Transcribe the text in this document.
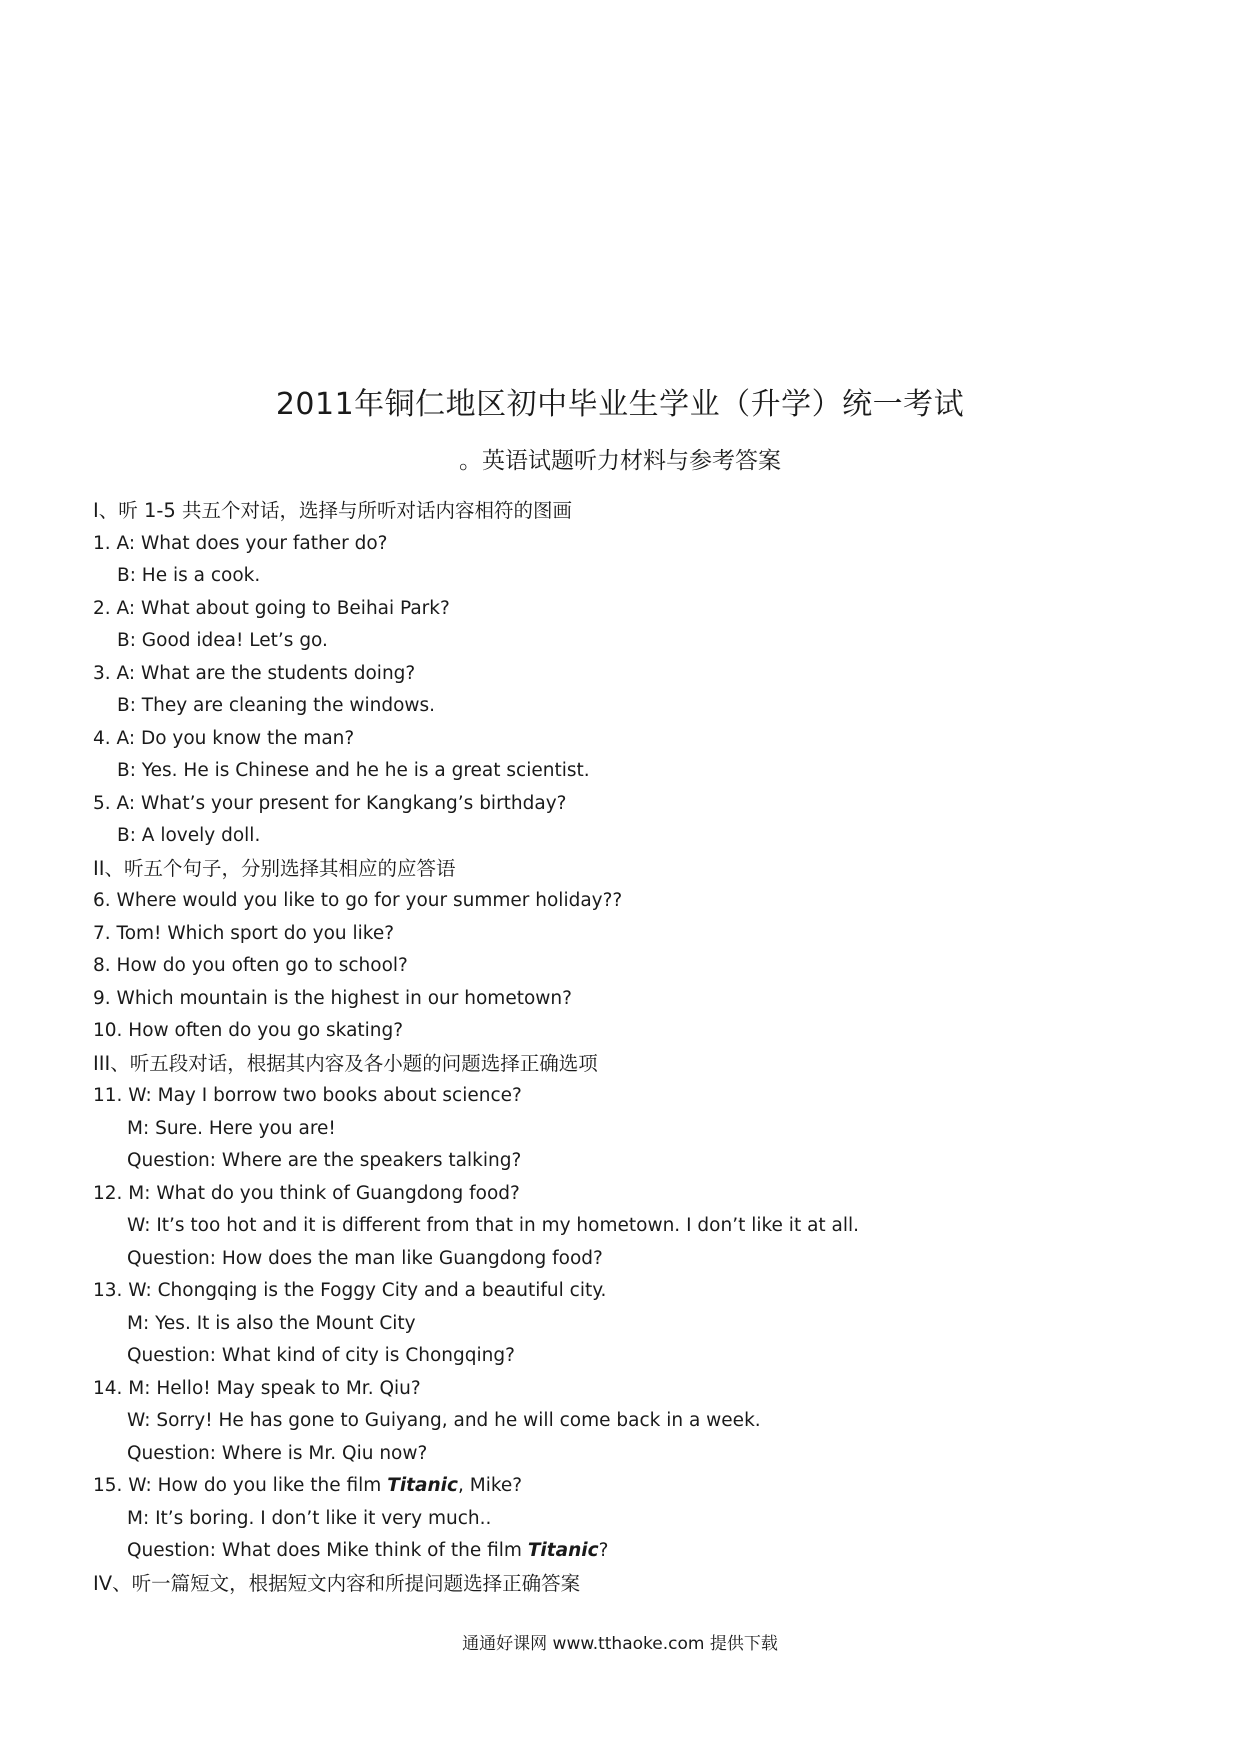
2011年铜仁地区初中毕业生学业（升学）统一考试
。英语试题听力材料与参考答案
I、听 1-5 共五个对话，选择与所听对话内容相符的图画
1. A: What does your father do?
B: He is a cook.
2. A: What about going to Beihai Park?
B: Good idea! Let’s go.
3. A: What are the students doing?
B: They are cleaning the windows.
4. A: Do you know the man?
B: Yes. He is Chinese and he he is a great scientist.
5. A: What’s your present for Kangkang’s birthday?
B: A lovely doll.
II、听五个句子，分别选择其相应的应答语
6. Where would you like to go for your summer holiday??
7. Tom! Which sport do you like?
8. How do you often go to school?
9. Which mountain is the highest in our hometown?
10. How often do you go skating?
III、听五段对话，根据其内容及各小题的问题选择正确选项
11. W: May I borrow two books about science?
M: Sure. Here you are!
Question: Where are the speakers talking?
12. M: What do you think of Guangdong food?
W: It’s too hot and it is different from that in my hometown. I don’t like it at all.
Question: How does the man like Guangdong food?
13. W: Chongqing is the Foggy City and a beautiful city.
M: Yes. It is also the Mount City
Question: What kind of city is Chongqing?
14. M: Hello! May speak to Mr. Qiu?
W: Sorry! He has gone to Guiyang, and he will come back in a week.
Question: Where is Mr. Qiu now?
15. W: How do you like the film Titanic, Mike?
M: It’s boring. I don’t like it very much..
Question: What does Mike think of the film Titanic?
IV、听一篇短文，根据短文内容和所提问题选择正确答案
通通好课网 www.tthaoke.com 提供下载
